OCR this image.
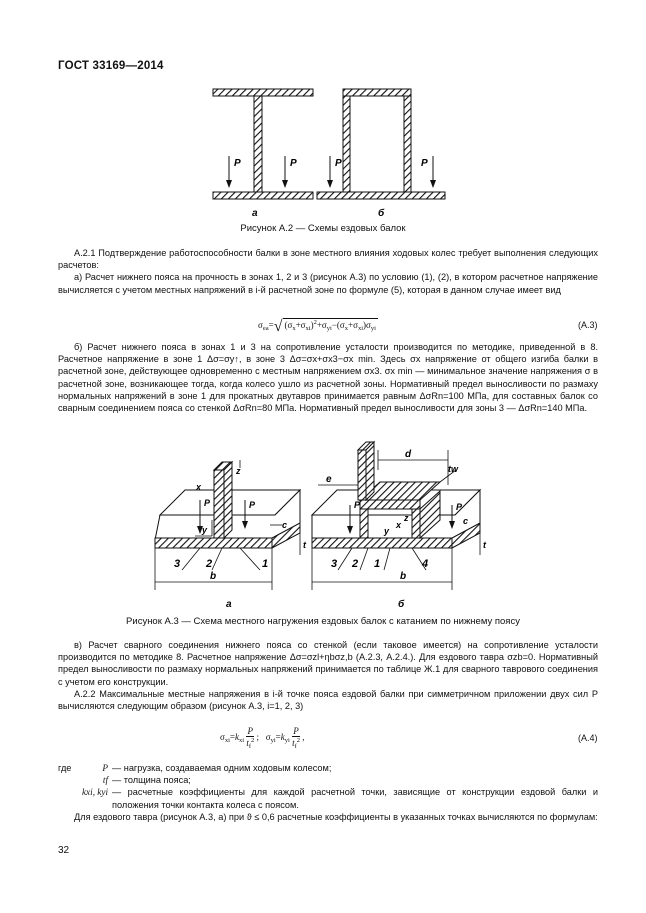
ГОСТ 33169—2014
P	P
а
P	P
б
Рисунок А.2 — Схемы ездовых балок

А.2.1 Подтверждение работоспособности балки в зоне местного влияния ходовых колес требует выполнения следующих расчетов:

а) Расчет нижнего пояса на прочность в зонах 1, 2 и 3 (рисунок А.3) по условию (1), (2), в котором расчетное напряжение вычисляется с учетом местных напряжений в i-й расчетной зоне по формуле (5), которая в данном случае имеет вид

$\sigma_{ea}=√$ $(\sigma_x+\sigma_{xi})^2+\sigma_{yi}-(\sigma_x+\sigma_{xi})\sigma_{yi}$	(А.3)

б) Расчет нижнего пояса в зонах 1 и 3 на сопротивление усталости производится по методике, приведенной в 8. Расчетное напряжение в зоне 1 Δσ=σy↑, в зоне 3 Δσ=σx+σx3−σx min. Здесь σx напряжение от общего изгиба балки в расчетной зоне, действующее одновременно с местным напряжением σx3. σx min — минимальное значение напряжения σ в расчетной зоне, возникающее тогда, когда колесо ушло из расчетной зоны. Нормативный предел выносливости по размаху нормальных напряжений в зоне 1 для прокатных двутавров принимается равным ΔσRn=100 МПа, для составных балок со сварным соединением пояса со стенкой ΔσRn=80 МПа. Нормативный предел выносливости для зоны 3 — ΔσRn=140 МПа.

z
x
P	P
y	c
t
3 2	1
b
а
d
tw
e
P	P
x
y
z	c
t
3 2 1	4
b
б
Рисунок А.3 — Схема местного нагружения ездовых балок с катанием по нижнему поясу

в) Расчет сварного соединения нижнего пояса со стенкой (если таковое имеется) на сопротивление усталости производится по методике 8. Расчетное напряжение Δσ=σzl+ηbσz,b (А.2.3, А.2.4.). Для ездового тавра σzb=0. Нормативный предел выносливости по размаху нормальных напряжений принимается по таблице Ж.1 для сварного таврового соединения с учетом его конструкции.

А.2.2 Максимальные местные напряжения в i-й точке пояса ездовой балки при симметричном приложении двух сил P вычисляются следующим образом (рисунок А.3, i=1, 2, 3)

$\sigma_{xi}=k_{xi} \frac{P}{t_f^2}$ ;   $\sigma_{yi}=k_{yi} \frac{P}{t_f^2}$ ,	(А.4)
где	P — нагрузка, создаваемая одним ходовым колесом;
tf — толщина пояса;
kxi, kyi — расчетные коэффициенты для каждой расчетной точки, зависящие от конструкции ездовой балки и положения точки контакта колеса с поясом.

Для ездового тавра (рисунок А.3, а) при ϑ ≤ 0,6 расчетные коэффициенты в указанных точках вычисляются по формулам:

32
